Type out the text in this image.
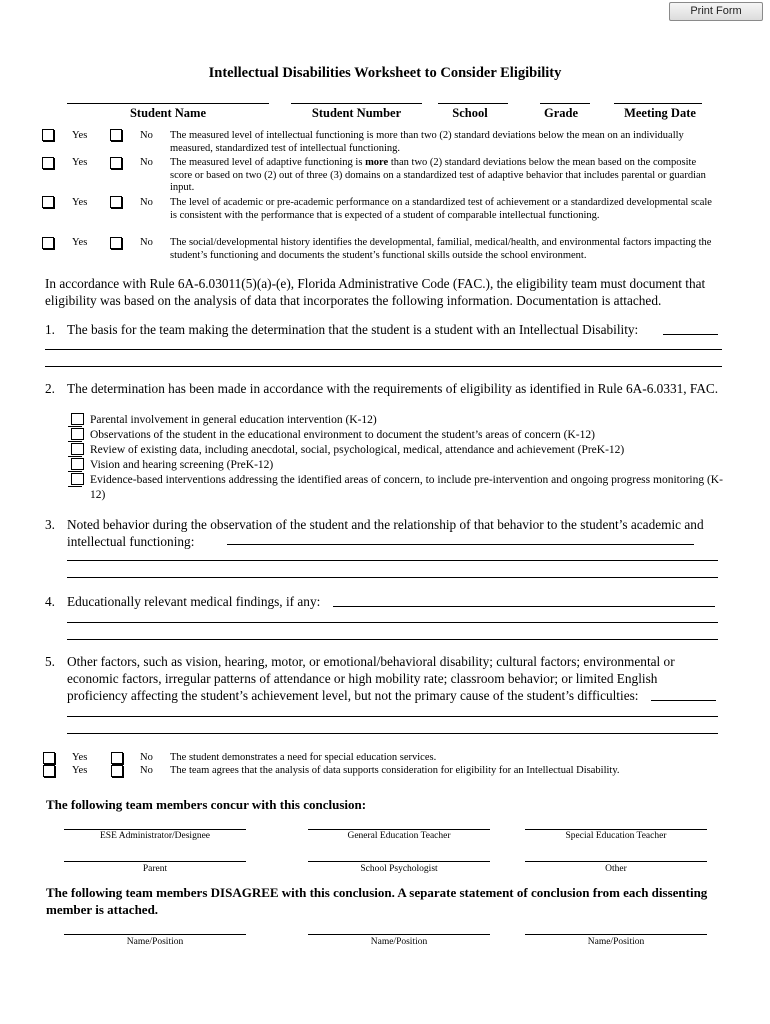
Print Form
Intellectual Disabilities Worksheet to Consider Eligibility
Student Name	Student Number	School	Grade	Meeting Date
Yes	No The measured level of intellectual functioning is more than two (2) standard deviations below the mean on an individually measured, standardized test of intellectual functioning.
Yes	No The measured level of adaptive functioning is more than two (2) standard deviations below the mean based on the composite score or based on two (2) out of three (3) domains on a standardized test of adaptive behavior that includes parental or guardian input.
Yes	No The level of academic or pre-academic performance on a standardized test of achievement or a standardized developmental scale is consistent with the performance that is expected of a student of comparable intellectual functioning.
Yes	No The social/developmental history identifies the developmental, familial, medical/health, and environmental factors impacting the student’s functioning and documents the student’s functional skills outside the school environment.
In accordance with Rule 6A-6.03011(5)(a)-(e), Florida Administrative Code (FAC.), the eligibility team must document that eligibility was based on the analysis of data that incorporates the following information. Documentation is attached.
1. The basis for the team making the determination that the student is a student with an Intellectual Disability:
2. The determination has been made in accordance with the requirements of eligibility as identified in Rule 6A-6.0331, FAC.
Parental involvement in general education intervention (K-12)
Observations of the student in the educational environment to document the student’s areas of concern (K-12)
Review of existing data, including anecdotal, social, psychological, medical, attendance and achievement (PreK-12)
Vision and hearing screening (PreK-12)
Evidence-based interventions addressing the identified areas of concern, to include pre-intervention and ongoing progress monitoring (K-12)
3. Noted behavior during the observation of the student and the relationship of that behavior to the student’s academic and intellectual functioning:
4. Educationally relevant medical findings, if any:
5. Other factors, such as vision, hearing, motor, or emotional/behavioral disability; cultural factors; environmental or economic factors, irregular patterns of attendance or high mobility rate; classroom behavior; or limited English proficiency affecting the student’s achievement level, but not the primary cause of the student’s difficulties:
Yes	No The student demonstrates a need for special education services.
Yes	No The team agrees that the analysis of data supports consideration for eligibility for an Intellectual Disability.
The following team members concur with this conclusion:
ESE Administrator/Designee	General Education Teacher	Special Education Teacher
Parent	School Psychologist	Other
The following team members DISAGREE with this conclusion. A separate statement of conclusion from each dissenting member is attached.
Name/Position	Name/Position	Name/Position
